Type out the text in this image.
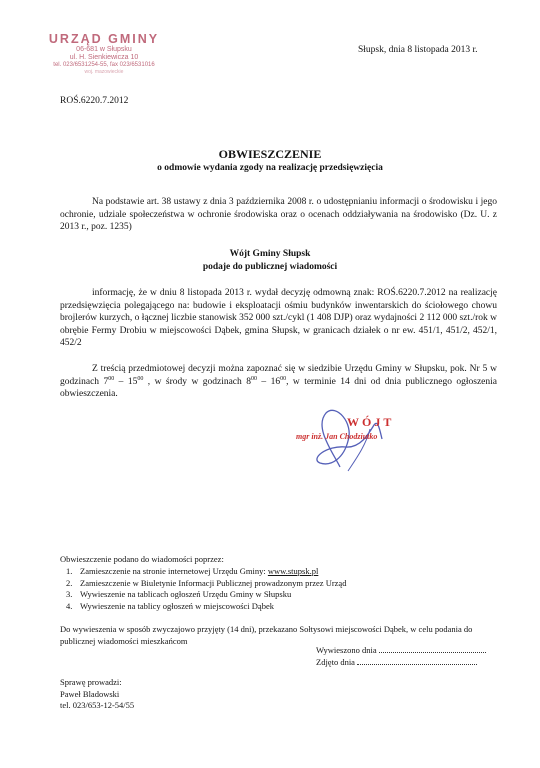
URZĄD GMINY
06-681 w Słupsku
ul. H. Sienkiewicza 10
tel. 023/6531254-55, fax 023/6531016
woj. mazowieckie
Słupsk, dnia 8 listopada 2013 r.
ROŚ.6220.7.2012
OBWIESZCZENIE
o odmowie wydania zgody na realizację przedsięwzięcia
Na podstawie art. 38 ustawy z dnia 3 października 2008 r. o udostępnianiu informacji o środowisku i jego ochronie, udziale społeczeństwa w ochronie środowiska oraz o ocenach oddziaływania na środowisko (Dz. U. z 2013 r., poz. 1235)
Wójt Gminy Słupsk
podaje do publicznej wiadomości
informację, że w dniu 8 listopada 2013 r. wydał decyzję odmowną znak: ROŚ.6220.7.2012 na realizację przedsięwzięcia polegającego na: budowie i eksploatacji ośmiu budynków inwentarskich do ściołowego chowu brojlerów kurzych, o łącznej liczbie stanowisk 352 000 szt./cykl (1 408 DJP) oraz wydajności 2 112 000 szt./rok w obrębie Fermy Drobiu w miejscowości Dąbek, gmina Słupsk, w granicach działek o nr ew. 451/1, 451/2, 452/1, 452/2
Z treścią przedmiotowej decyzji można zapoznać się w siedzibie Urzędu Gminy w Słupsku, pok. Nr 5 w godzinach $7^{00} - 15^{00}$ , w środy w godzinach $8^{00} - 16^{00}$, w terminie 14 dni od dnia publicznego ogłoszenia obwieszczenia.
WÓJT
mgr inż. Jan Chodziutko
Obwieszczenie podano do wiadomości poprzez:
1. Zamieszczenie na stronie internetowej Urzędu Gminy: www.stupsk.pl
2. Zamieszczenie w Biuletynie Informacji Publicznej prowadzonym przez Urząd
3. Wywieszenie na tablicach ogłoszeń Urzędu Gminy w Słupsku
4. Wywieszenie na tablicy ogłoszeń w miejscowości Dąbek
Do wywieszenia w sposób zwyczajowo przyjęty (14 dni), przekazano Sołtysowi miejscowości Dąbek, w celu podania do publicznej wiadomości mieszkańcom
Wywieszono dnia
Zdjęto dnia
Sprawę prowadzi:
Paweł Bladowski
tel. 023/653-12-54/55
